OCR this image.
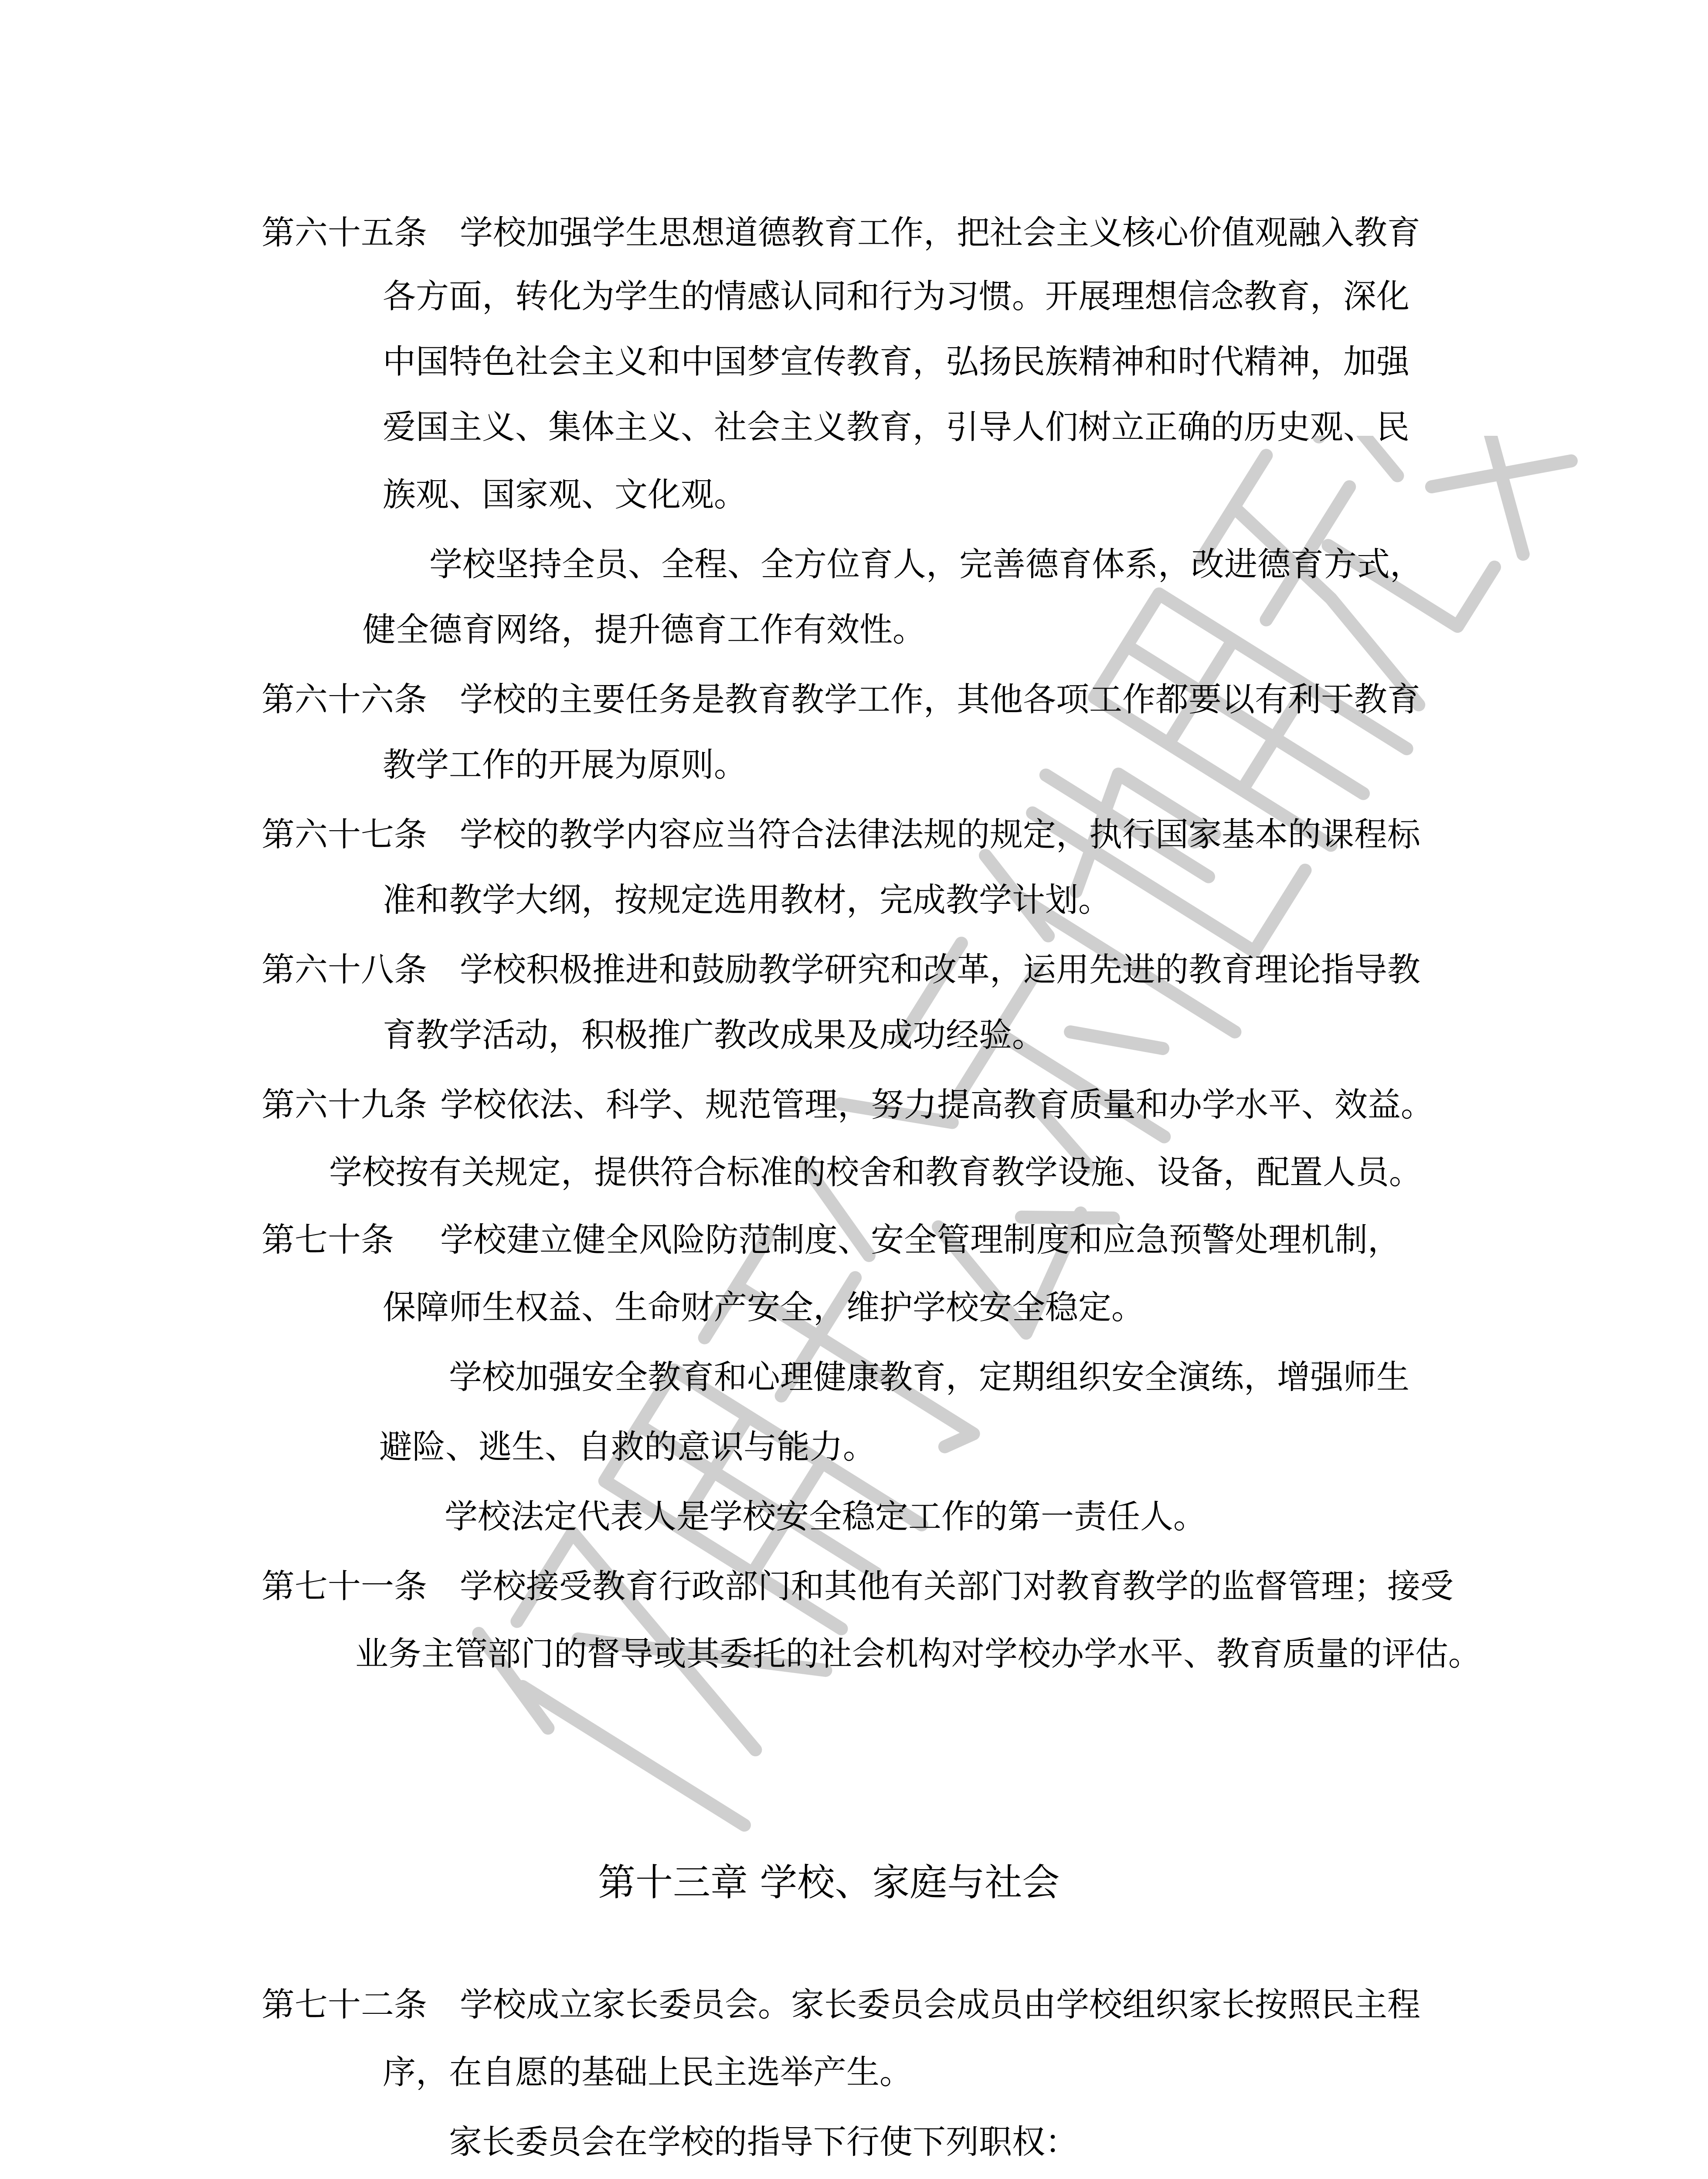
第六十五条 学校加强学生思想道德教育工作，把社会主义核心价值观融入教育
各方面，转化为学生的情感认同和行为习惯。开展理想信念教育，深化
中国特色社会主义和中国梦宣传教育，弘扬民族精神和时代精神，加强
爱国主义、集体主义、社会主义教育，引导人们树立正确的历史观、民
族观、国家观、文化观。
学校坚持全员、全程、全方位育人，完善德育体系，改进德育方式，
健全德育网络，提升德育工作有效性。
第六十六条 学校的主要任务是教育教学工作，其他各项工作都要以有利于教育
教学工作的开展为原则。
第六十七条 学校的教学内容应当符合法律法规的规定，执行国家基本的课程标
准和教学大纲，按规定选用教材，完成教学计划。
第六十八条 学校积极推进和鼓励教学研究和改革，运用先进的教育理论指导教
育教学活动，积极推广教改成果及成功经验。
第六十九条 学校依法、科学、规范管理，努力提高教育质量和办学水平、效益。
学校按有关规定，提供符合标准的校舍和教育教学设施、设备，配置人员。
第七十条 学校建立健全风险防范制度、安全管理制度和应急预警处理机制，
保障师生权益、生命财产安全，维护学校安全稳定。
学校加强安全教育和心理健康教育，定期组织安全演练，增强师生
避险、逃生、自救的意识与能力。
学校法定代表人是学校安全稳定工作的第一责任人。
第七十一条 学校接受教育行政部门和其他有关部门对教育教学的监督管理；接受
业务主管部门的督导或其委托的社会机构对学校办学水平、教育质量的评估。
第十三章 学校、家庭与社会
第七十二条 学校成立家长委员会。家长委员会成员由学校组织家长按照民主程
序，在自愿的基础上民主选举产生。
家长委员会在学校的指导下行使下列职权：
